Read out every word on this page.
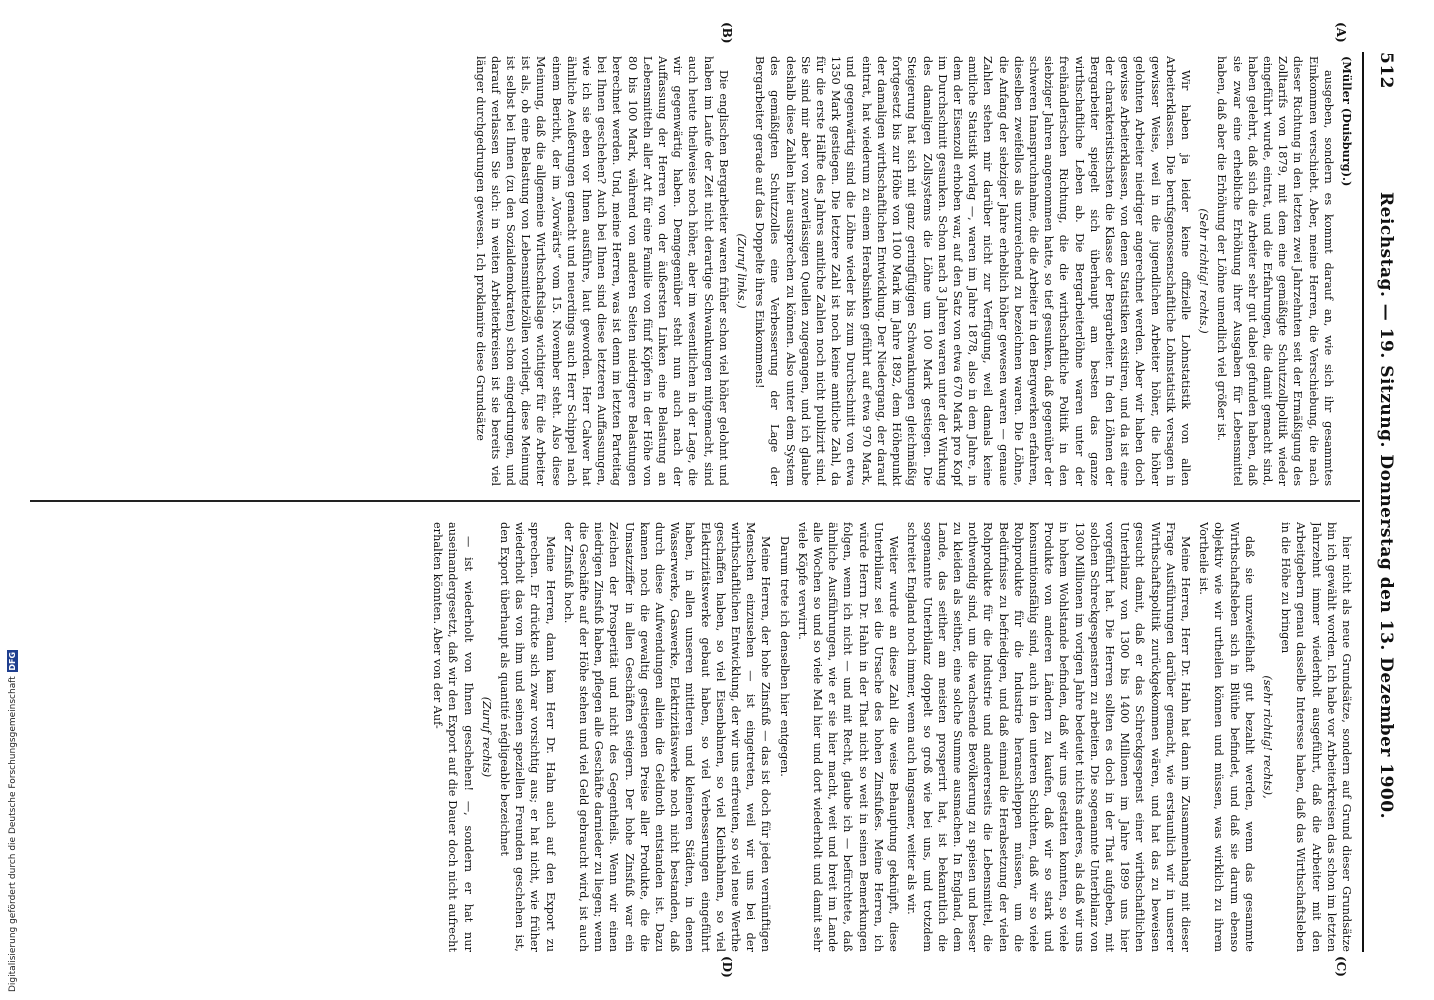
512
Reichstag. — 19. Sitzung. Donnerstag den 13. Dezember 1900.
(A)
(B)
(C)
(D)

(Müller (Duisburg).)

ausgeben, sondern es kommt darauf an, wie sich ihr gesammtes Einkommen verschiebt. Aber, meine Herren, die Verschiebung, die nach dieser Richtung in den letzten zwei Jahrzehnten seit der Ermäßigung des Zolltarifs von 1879, mit dem eine gemäßigte Schutzzollpolitik wieder eingeführt wurde, eintrat, und die Erfahrungen, die damit gemacht sind, haben gelehrt, daß sich die Arbeiter sehr gut dabei gefunden haben, daß sie zwar eine erhebliche Erhöhung ihrer Ausgaben für Lebensmittel haben, daß aber die Erhöhung der Löhne unendlich viel größer ist.

(Sehr richtig! rechts.)

Wir haben ja leider keine offizielle Lohnstatistik von allen Arbeiterklassen. Die berufsgenossenschaftliche Lohnstatistik versagen in gewisser Weise, weil in die jugendlichen Arbeiter höher, die höher gelohnten Arbeiter niedriger angerechnet werden. Aber wir haben doch gewisse Arbeiterklassen, von denen Statistiken existiren, und da ist eine der charakteristischsten die Klasse der Bergarbeiter. In den Löhnen der Bergarbeiter spiegelt sich überhaupt am besten das ganze wirthschaftliche Leben ab. Die Bergarbeiterlöhne waren unter der freihändlerischen Richtung, die die wirthschaftliche Politik in den siebziger Jahren angenommen hatte, so tief gesunken, daß gegenüber der schweren Inanspruchnahme, die die Arbeiter in den Bergwerken erfahren, dieselben zweifellos als unzureichend zu bezeichnen waren. Die Löhne, die Anfang der siebziger Jahre erheblich höher gewesen waren — genaue Zahlen stehen mir darüber nicht zur Verfügung, weil damals keine amtliche Statistik vorlag —, waren im Jahre 1878, also in dem Jahre, in dem der Eisenzoll erhoben war, auf den Satz von etwa 670 Mark pro Kopf im Durchschnitt gesunken. Schon nach 3 Jahren waren unter der Wirkung des damaligen Zollsystems die Löhne um 100 Mark gestiegen. Die Steigerung hat sich mit ganz geringfügigen Schwankungen gleichmäßig fortgesetzt bis zur Höhe von 1100 Mark im Jahre 1892, dem Höhepunkt der damaligen wirthschaftlichen Entwicklung. Der Niedergang, der darauf eintrat, hat wiederum zu einem Herabsinken geführt auf etwa 970 Mark, und gegenwärtig sind die Löhne wieder bis zum Durchschnitt von etwa 1350 Mark gestiegen. Die letztere Zahl ist noch keine amtliche Zahl, da für die erste Hälfte des Jahres amtliche Zahlen noch nicht publizirt sind. Sie sind mir aber von zuverlässigen Quellen zugegangen, und ich glaube deshalb diese Zahlen hier aussprechen zu können. Also unter dem System des gemäßigten Schutzzolles eine Verbesserung der Lage der Bergarbeiter gerade auf das Doppelte ihres Einkommens!

(Zuruf links.)

Die englischen Bergarbeiter waren früher schon viel höher gelohnt und haben im Laufe der Zeit nicht derartige Schwankungen mitgemacht, sind auch heute theilweise noch höher, aber im wesentlichen in der Lage, die wir gegenwärtig haben. Demgegenüber steht nun auch nach der Auffassung der Herren von der äußersten Linken eine Belastung an Lebensmitteln aller Art für eine Familie von fünf Köpfen in der Höhe von 80 bis 100 Mark, während von anderen Seiten niedrigere Belastungen berechnet werden. Und, meine Herren, was ist denn im letzten Parteitag bei Ihnen geschehen? Auch bei Ihnen sind diese letzteren Auffassungen, wie ich sie eben vor Ihnen ausführe, laut geworden. Herr Calwer hat ähnliche Aeußerungen gemacht und neuerdings auch Herr Schippel nach einem Bericht, der im „Vorwärts“ vom 15. November steht. Also diese Meinung, daß die allgemeine Wirthschaftslage wichtiger für die Arbeiter ist als, ob eine Belastung von Lebensmittelzöllen vorliegt, diese Meinung ist selbst bei Ihnen (zu den Sozialdemokraten) schon eingedrungen, und darauf verlassen Sie sich: in weiten Arbeiterkreisen ist sie bereits viel länger durchgedrungen gewesen. Ich proklamire diese Grundsätze

hier nicht als neue Grundsätze, sondern auf Grund dieser Grundsätze bin ich gewählt worden. Ich habe vor Arbeiterkreisen das schon im letzten Jahrzehnt immer wiederholt ausgeführt, daß die Arbeiter mit den Arbeitgebern genau dasselbe Interesse haben, daß das Wirthschaftsleben in die Höhe zu bringen

(sehr richtig! rechts),

daß sie unzweifelhaft gut bezahlt werden, wenn das gesammte Wirthschaftsleben sich in Blüthe befindet, und daß sie darum ebenso objektiv wie wir urtheilen können und müssen, was wirklich zu ihrem Vortheile ist.

Meine Herren, Herr Dr. Hahn hat dann im Zusammenhang mit dieser Frage Ausführungen darüber gemacht, wie erstaunlich wir in unserer Wirthschaftspolitik zurückgekommen wären, und hat das zu beweisen gesucht damit, daß er das Schreckgespenst einer wirthschaftlichen Unterbilanz von 1300 bis 1400 Millionen im Jahre 1899 uns hier vorgeführt hat. Die Herren sollten es doch in der That aufgeben, mit solchen Schreckgespenstern zu arbeiten. Die sogenannte Unterbilanz von 1300 Millionen im vorigen Jahre bedeutet nichts anderes, als daß wir uns in hohem Wohlstande befinden, daß wir uns gestatten konnten, so viele Produkte von anderen Ländern zu kaufen, daß wir so stark und konsumtionsfähig sind, auch in den unteren Schichten, daß wir so viele Rohprodukte für die Industrie heranschleppen müssen, um die Bedürfnisse zu befriedigen, und daß einmal die Herabsetzung der vielen Rohprodukte für die Industrie und andererseits die Lebensmittel, die nothwendig sind, um die wachsende Bevölkerung zu speisen und besser zu kleiden als seither, eine solche Summe ausmachen. In England, dem Lande, das seither am meisten prosperirt hat, ist bekanntlich die sogenannte Unterbilanz doppelt so groß wie bei uns, und trotzdem schreitet England noch immer, wenn auch langsamer, weiter als wir.

Weiter wurde an diese Zahl die weise Behauptung geknüpft, diese Unterbilanz sei die Ursache des hohen Zinsfußes. Meine Herren, ich würde Herrn Dr. Hahn in der That nicht so weit in seinen Bemerkungen folgen, wenn ich nicht — und mit Recht, glaube ich — befürchtete, daß ähnliche Ausführungen, wie er sie hier macht, weit und breit im Lande alle Wochen so und so viele Mal hier und dort wiederholt und damit sehr viele Köpfe verwirrt.

Darum trete ich denselben hier entgegen.

Meine Herren, der hohe Zinsfuß — das ist doch für jeden vernünftigen Menschen einzusehen — ist eingetreten, weil wir uns bei der wirthschaftlichen Entwicklung, der wir uns erfreuten, so viel neue Werthe geschaffen haben, so viel Eisenbahnen, so viel Kleinbahnen, so viel Elektrizitätswerke gebaut haben, so viel Verbesserungen eingeführt haben, in allen unseren mittleren und kleineren Städten, in denen Wasserwerke, Gaswerke, Elektrizitätswerke noch nicht bestanden, daß durch diese Aufwendungen allein die Geldnoth entstanden ist. Dazu kamen noch die gewaltig gestiegenen Preise aller Produkte, die die Umsatzziffer in allen Geschäften steigern. Der hohe Zinsfuß war ein Zeichen der Prosperität und nicht des Gegentheils. Wenn wir einen niedrigen Zinsfuß haben, pflegen alle Geschäfte darnieder zu liegen; wenn die Geschäfte auf der Höhe stehen und viel Geld gebraucht wird, ist auch der Zinsfuß hoch.

Meine Herren, dann kam Herr Dr. Hahn auch auf den Export zu sprechen. Er drückte sich zwar vorsichtig aus; er hat nicht, wie früher wiederholt das von ihm und seinen speziellen Freunden geschehen ist, den Export überhaupt als quantité négligeable bezeichnet

(Zuruf rechts)

— ist wiederholt von Ihnen geschehen! —, sondern er hat nur auseinandergesetzt, daß wir den Export auf die Dauer doch nicht aufrecht erhalten könnten. Aber von der Auf-

Digitalisierung gefördert durch die Deutsche Forschungsgemeinschaft
DFG
